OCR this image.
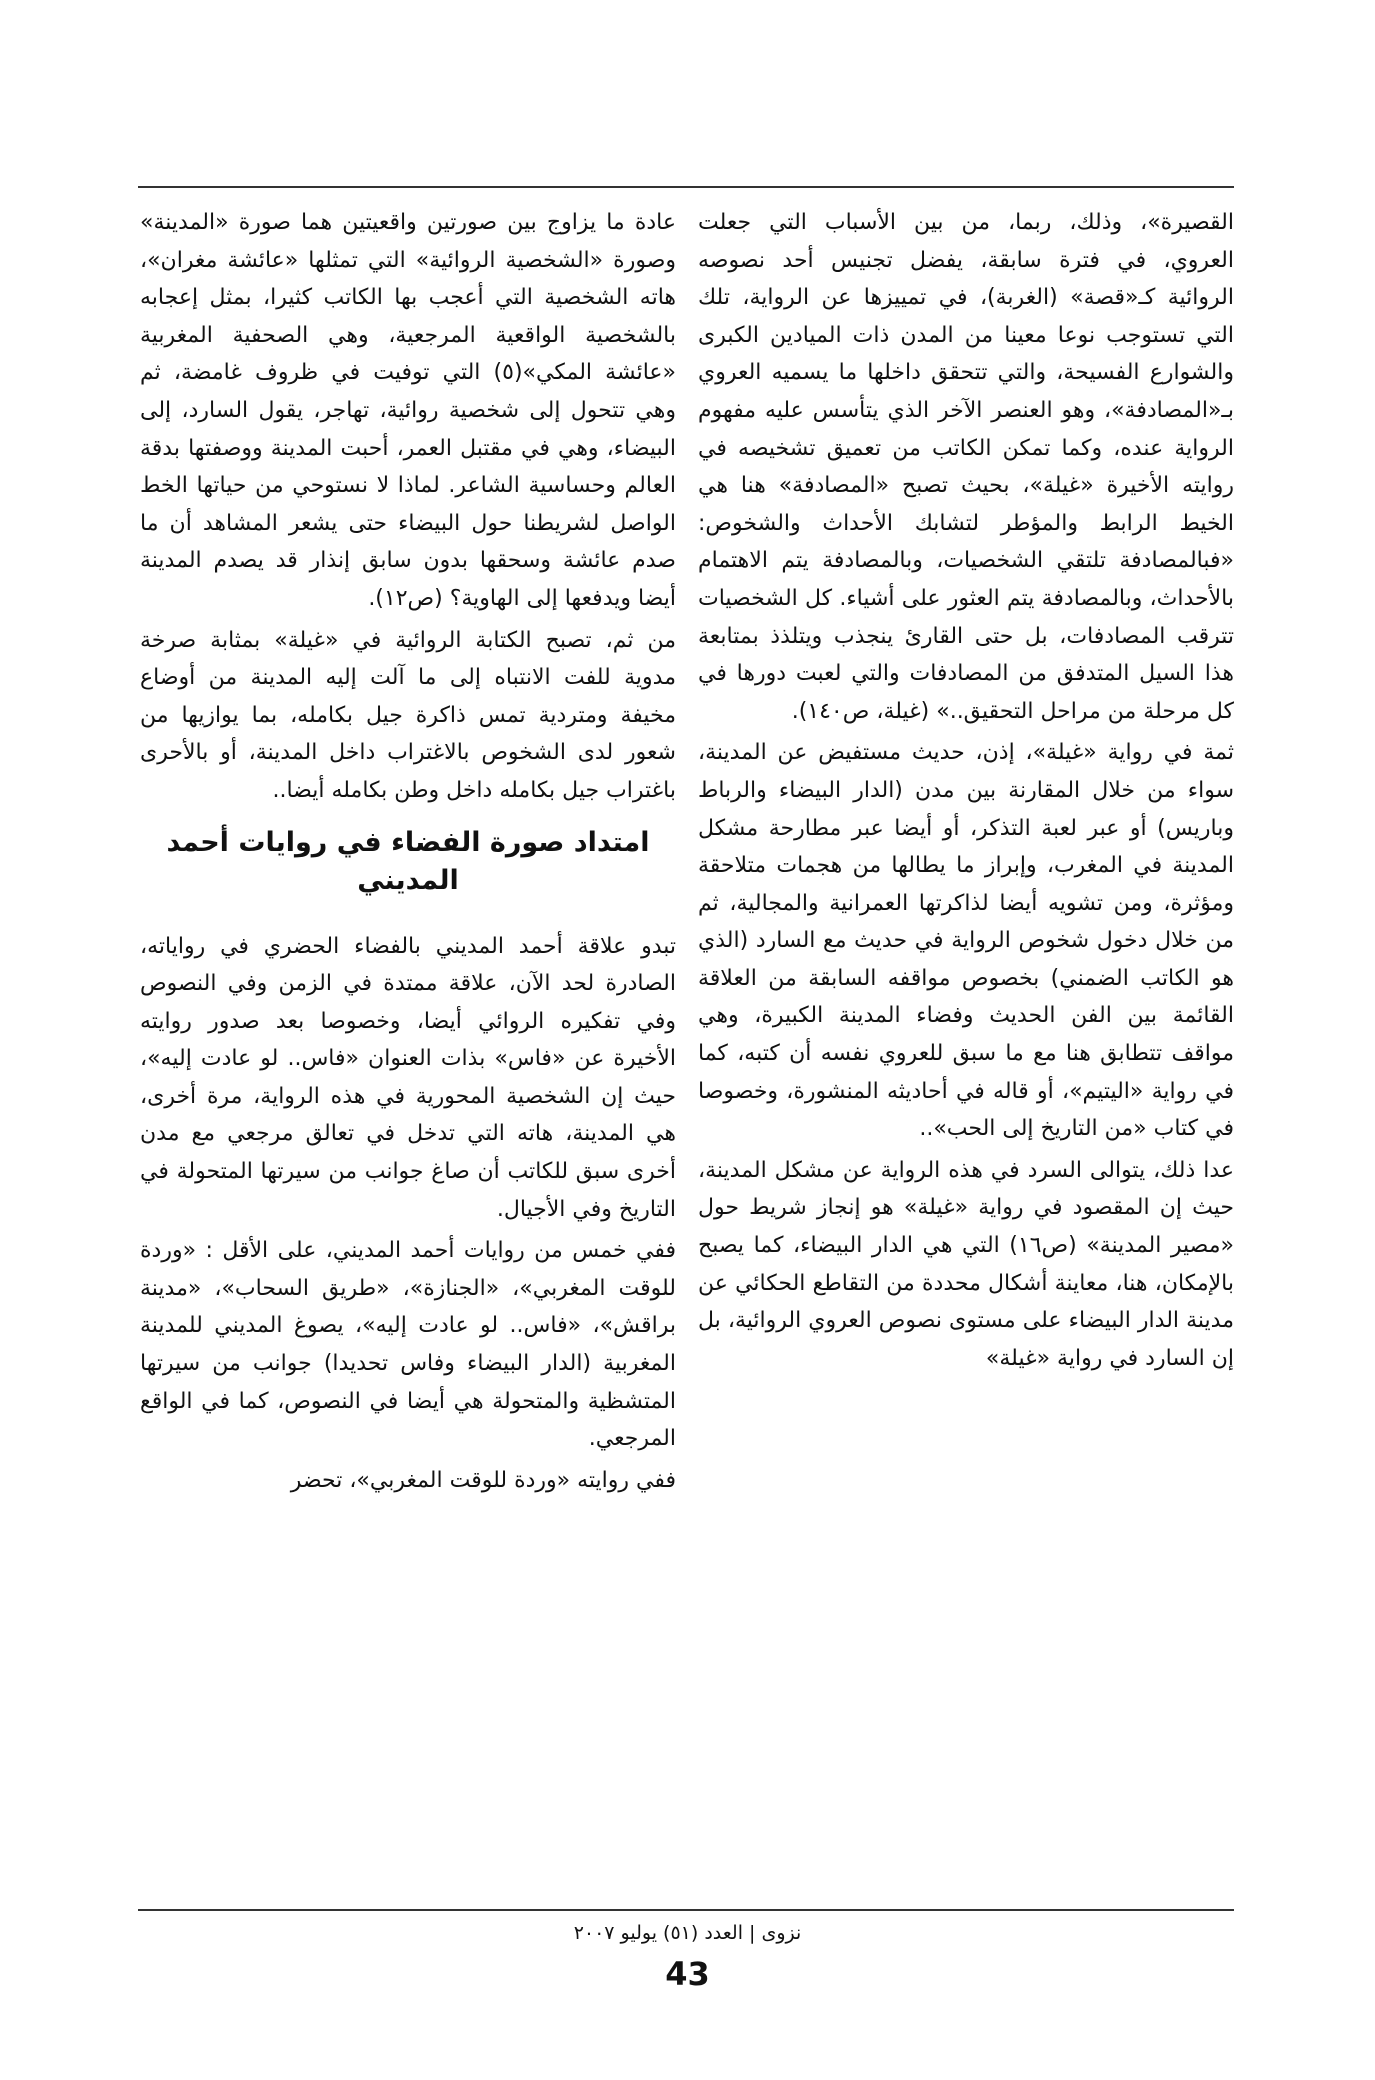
القصيرة»، وذلك، ربما، من بين الأسباب التي جعلت العروي، في فترة سابقة، يفضل تجنيس أحد نصوصه الروائية كـ«قصة» (الغربة)، في تمييزها عن الرواية، تلك التي تستوجب نوعا معينا من المدن ذات الميادين الكبرى والشوارع الفسيحة، والتي تتحقق داخلها ما يسميه العروي بـ«المصادفة»، وهو العنصر الآخر الذي يتأسس عليه مفهوم الرواية عنده، وكما تمكن الكاتب من تعميق تشخيصه في روايته الأخيرة «غيلة»، بحيث تصبح «المصادفة» هنا هي الخيط الرابط والمؤطر لتشابك الأحداث والشخوص: «فبالمصادفة تلتقي الشخصيات، وبالمصادفة يتم الاهتمام بالأحداث، وبالمصادفة يتم العثور على أشياء. كل الشخصيات تترقب المصادفات، بل حتى القارئ ينجذب ويتلذذ بمتابعة هذا السيل المتدفق من المصادفات والتي لعبت دورها في كل مرحلة من مراحل التحقيق..» (غيلة، ص١٤٠).

ثمة في رواية «غيلة»، إذن، حديث مستفيض عن المدينة، سواء من خلال المقارنة بين مدن (الدار البيضاء والرباط وباريس) أو عبر لعبة التذكر، أو أيضا عبر مطارحة مشكل المدينة في المغرب، وإبراز ما يطالها من هجمات متلاحقة ومؤثرة، ومن تشويه أيضا لذاكرتها العمرانية والمجالية، ثم من خلال دخول شخوص الرواية في حديث مع السارد (الذي هو الكاتب الضمني) بخصوص مواقفه السابقة من العلاقة القائمة بين الفن الحديث وفضاء المدينة الكبيرة، وهي مواقف تتطابق هنا مع ما سبق للعروي نفسه أن كتبه، كما في رواية «اليتيم»، أو قاله في أحاديثه المنشورة، وخصوصا في كتاب «من التاريخ إلى الحب»..

عدا ذلك، يتوالى السرد في هذه الرواية عن مشكل المدينة، حيث إن المقصود في رواية «غيلة» هو إنجاز شريط حول «مصير المدينة» (ص١٦) التي هي الدار البيضاء، كما يصبح بالإمكان، هنا، معاينة أشكال محددة من التقاطع الحكائي عن مدينة الدار البيضاء على مستوى نصوص العروي الروائية، بل إن السارد في رواية «غيلة»

عادة ما يزاوج بين صورتين واقعيتين هما صورة «المدينة» وصورة «الشخصية الروائية» التي تمثلها «عائشة مغران»، هاته الشخصية التي أعجب بها الكاتب كثيرا، بمثل إعجابه بالشخصية الواقعية المرجعية، وهي الصحفية المغربية «عائشة المكي»(٥) التي توفيت في ظروف غامضة، ثم وهي تتحول إلى شخصية روائية، تهاجر، يقول السارد، إلى البيضاء، وهي في مقتبل العمر، أحبت المدينة ووصفتها بدقة العالم وحساسية الشاعر. لماذا لا نستوحي من حياتها الخط الواصل لشريطنا حول البيضاء حتى يشعر المشاهد أن ما صدم عائشة وسحقها بدون سابق إنذار قد يصدم المدينة أيضا ويدفعها إلى الهاوية؟ (ص١٢).

من ثم، تصبح الكتابة الروائية في «غيلة» بمثابة صرخة مدوية للفت الانتباه إلى ما آلت إليه المدينة من أوضاع مخيفة ومتردية تمس ذاكرة جيل بكامله، بما يوازيها من شعور لدى الشخوص بالاغتراب داخل المدينة، أو بالأحرى باغتراب جيل بكامله داخل وطن بكامله أيضا..

امتداد صورة الفضاء في روايات أحمد المديني

تبدو علاقة أحمد المديني بالفضاء الحضري في رواياته، الصادرة لحد الآن، علاقة ممتدة في الزمن وفي النصوص وفي تفكيره الروائي أيضا، وخصوصا بعد صدور روايته الأخيرة عن «فاس» بذات العنوان «فاس.. لو عادت إليه»، حيث إن الشخصية المحورية في هذه الرواية، مرة أخرى، هي المدينة، هاته التي تدخل في تعالق مرجعي مع مدن أخرى سبق للكاتب أن صاغ جوانب من سيرتها المتحولة في التاريخ وفي الأجيال.

ففي خمس من روايات أحمد المديني، على الأقل : «وردة للوقت المغربي»، «الجنازة»، «طريق السحاب»، «مدينة براقش»، «فاس.. لو عادت إليه»، يصوغ المديني للمدينة المغربية (الدار البيضاء وفاس تحديدا) جوانب من سيرتها المتشظية والمتحولة هي أيضا في النصوص، كما في الواقع المرجعي.

ففي روايته «وردة للوقت المغربي»، تحضر

نزوى | العدد (٥١) يوليو ٢٠٠٧
43
